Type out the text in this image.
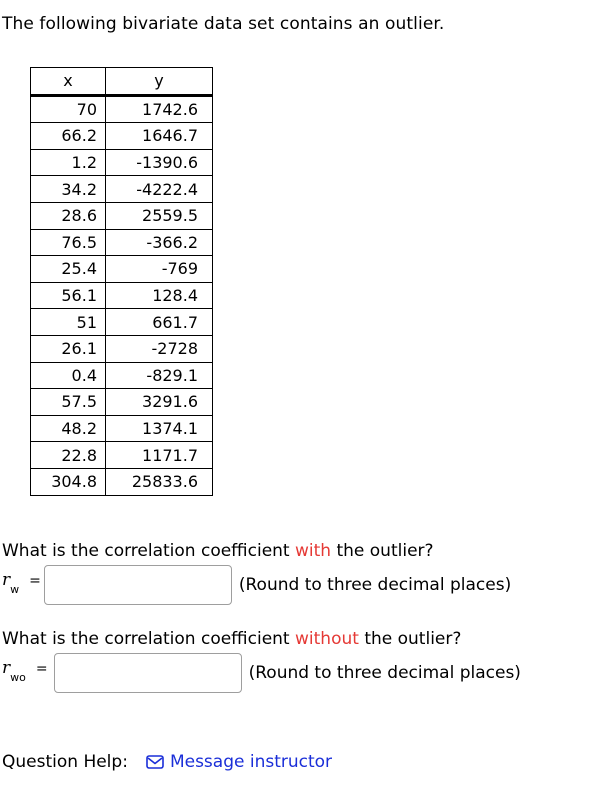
The following bivariate data set contains an outlier.
x	y
70	1742.6
66.2	1646.7
1.2	-1390.6
34.2	-4222.4
28.6	2559.5
76.5	-366.2
25.4	-769
56.1	128.4
51	661.7
26.1	-2728
0.4	-829.1
57.5	3291.6
48.2	1374.1
22.8	1171.7
304.8	25833.6
What is the correlation coefficient with the outlier?
$r_w$
=	(Round to three decimal places)
What is the correlation coefficient without the outlier?
$r_{wo}$
=	(Round to three decimal places)
Question Help: Message instructor
